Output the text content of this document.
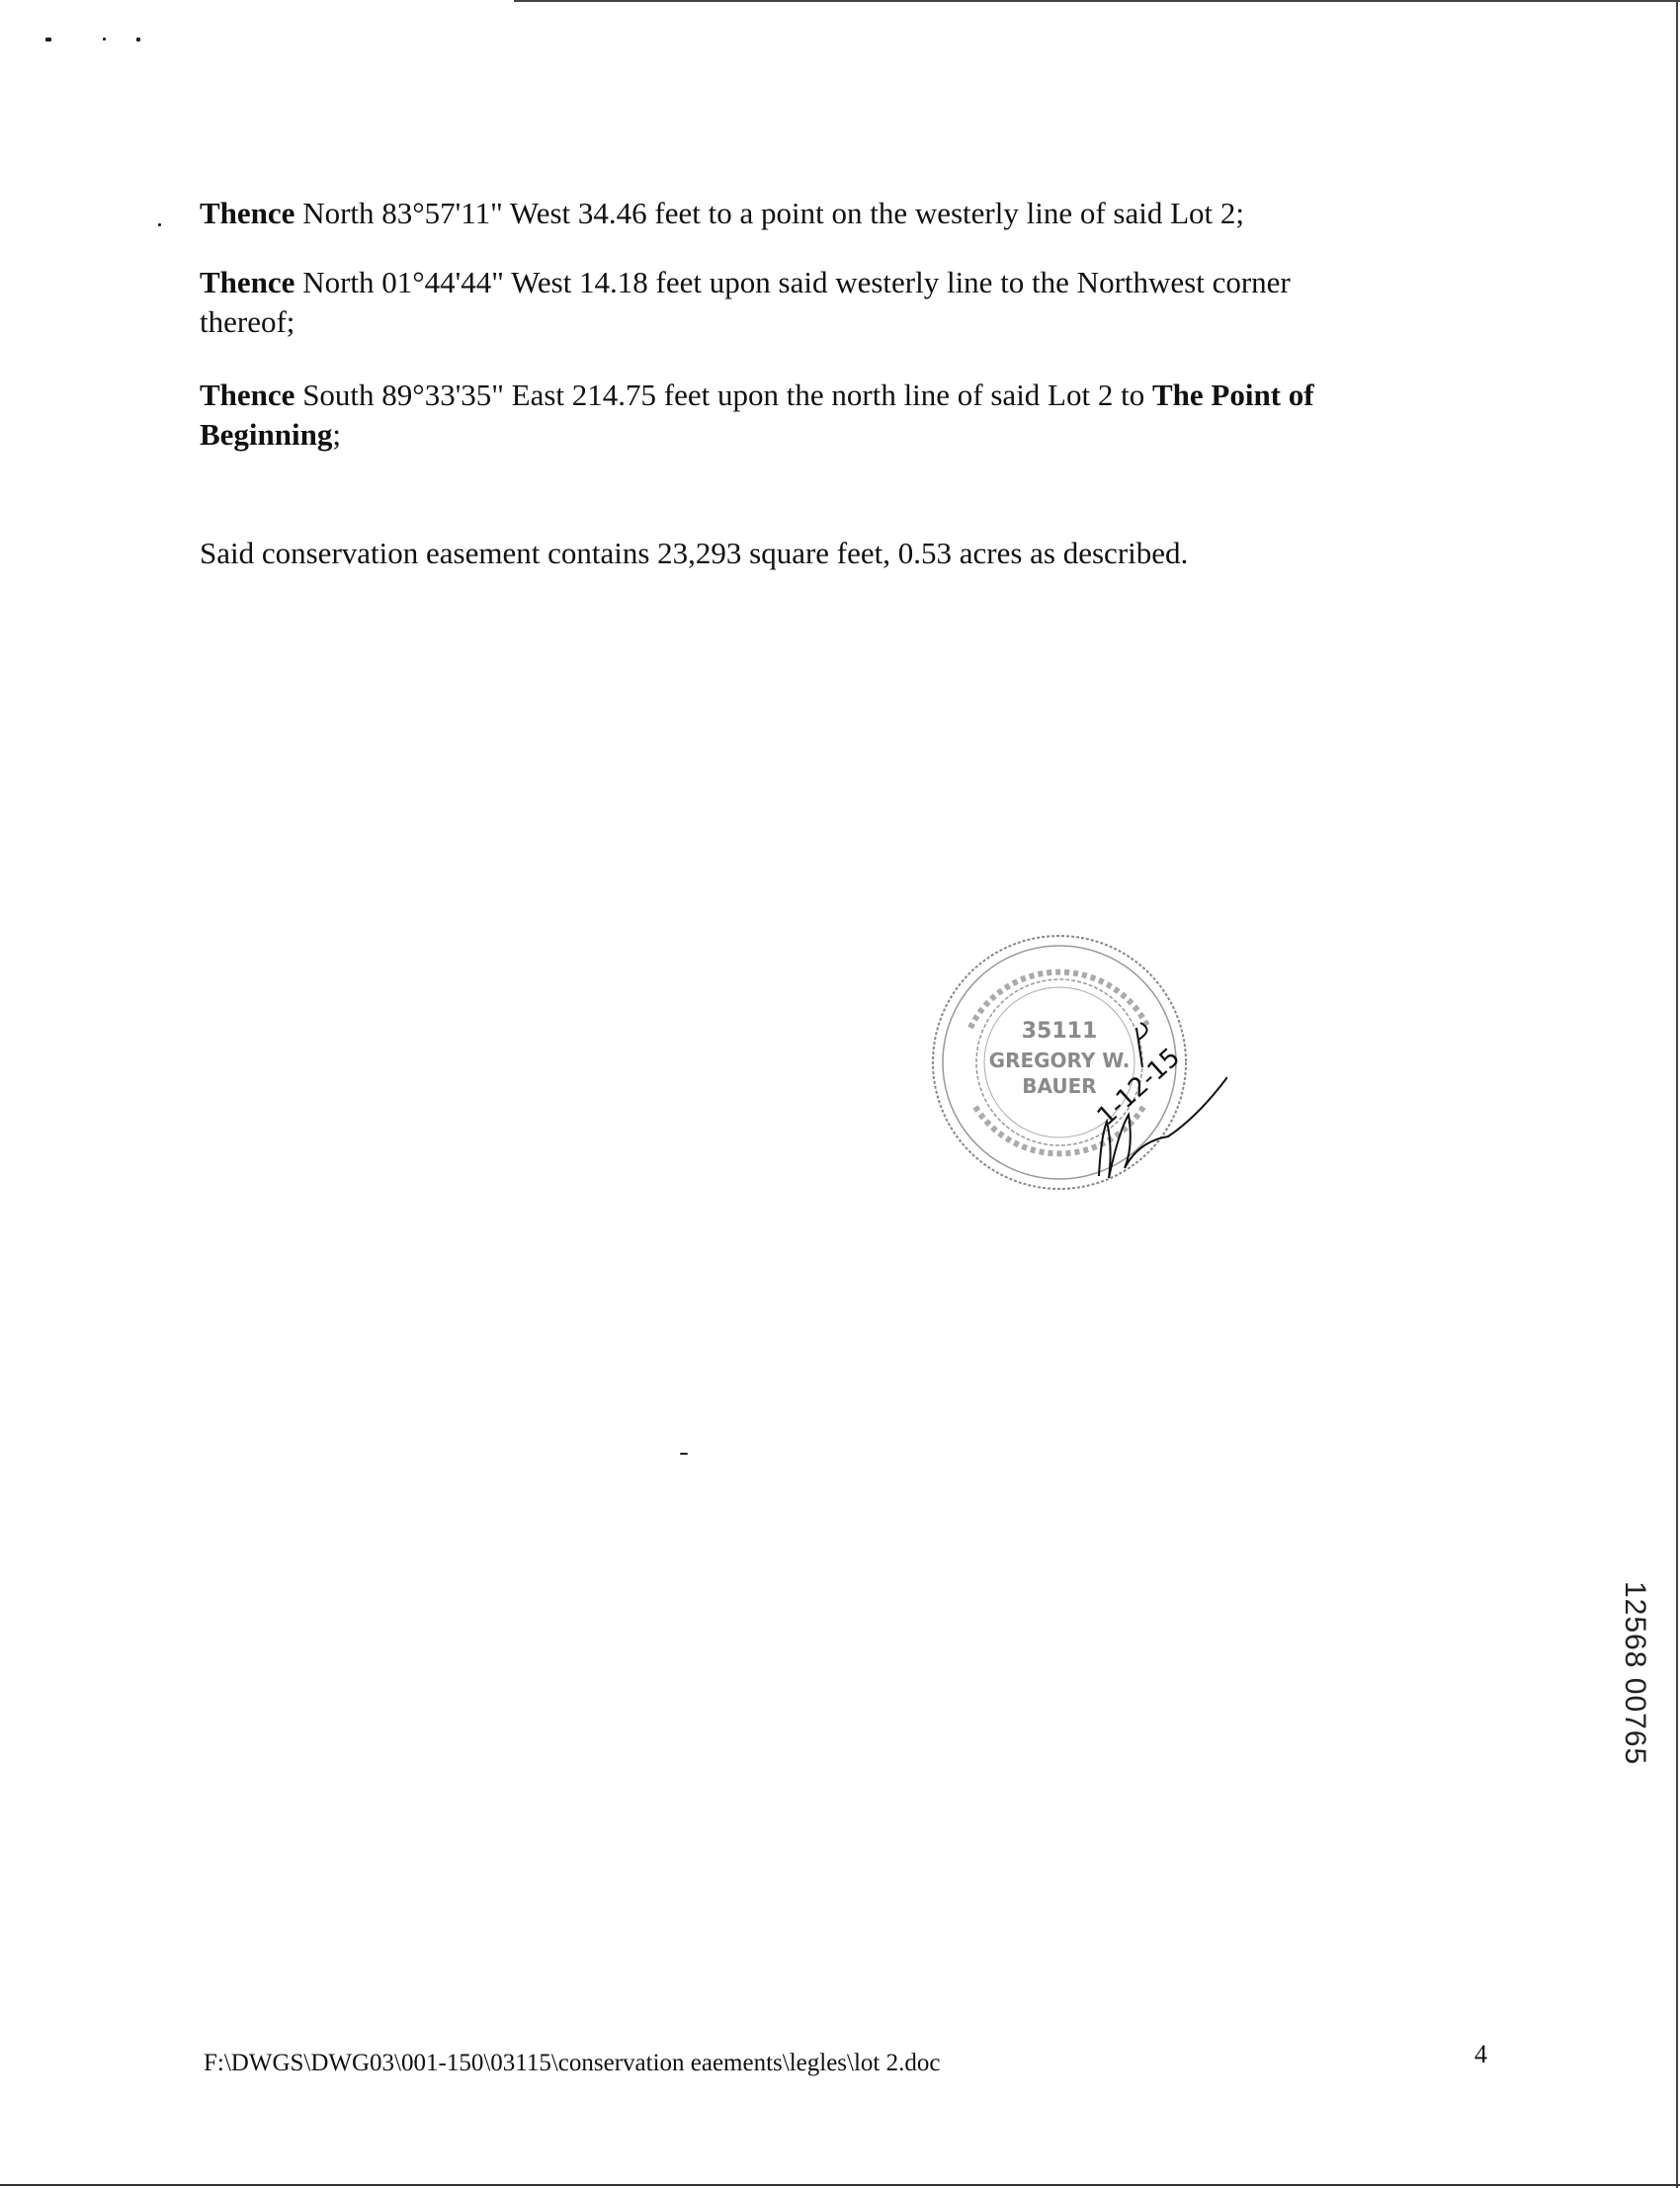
Thence North 83°57'11" West 34.46 feet to a point on the westerly line of said Lot 2;

Thence North 01°44'44" West 14.18 feet upon said westerly line to the Northwest corner thereof;

Thence South 89°33'35" East 214.75 feet upon the north line of said Lot 2 to The Point of Beginning;

Said conservation easement contains 23,293 square feet, 0.53 acres as described.

35111
GREGORY W.
BAUER
1-12-15
12568 00765
F:\DWGS\DWG03\001-150\03115\conservation eaements\legles\lot 2.doc	4
